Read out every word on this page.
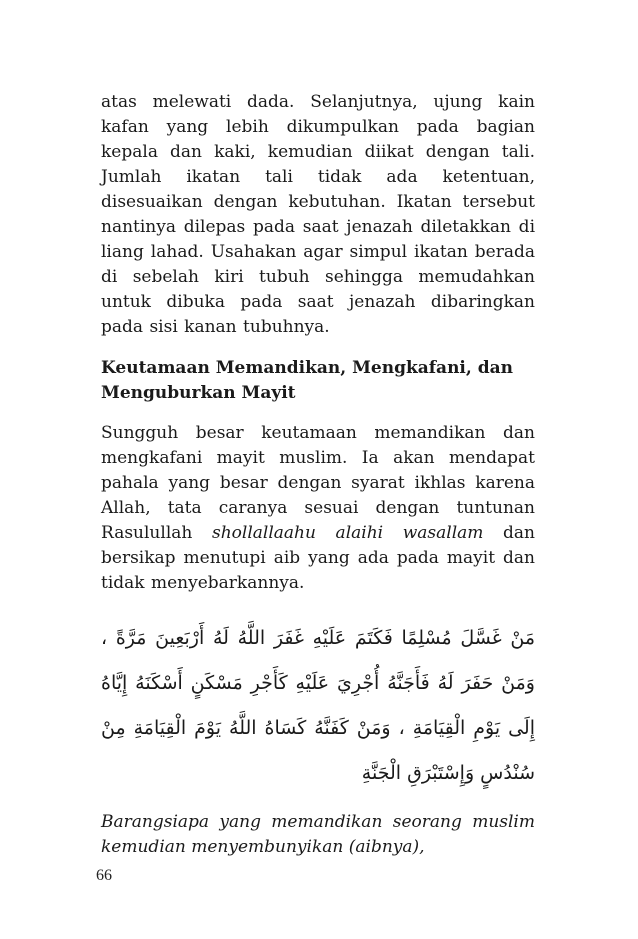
atas melewati dada. Selanjutnya, ujung kain kafan yang lebih dikumpulkan pada bagian kepala dan kaki, kemudian diikat dengan tali. Jumlah ikatan tali tidak ada ketentuan, disesuaikan dengan kebutuhan. Ikatan tersebut nantinya dilepas pada saat jenazah diletakkan di liang lahad. Usahakan agar simpul ikatan berada di sebelah kiri tubuh sehingga memudahkan untuk dibuka pada saat jenazah dibaringkan pada sisi kanan tubuhnya.

Keutamaan Memandikan, Mengkafani, dan Menguburkan Mayit

Sungguh besar keutamaan memandikan dan mengkafani mayit muslim. Ia akan mendapat pahala yang besar dengan syarat ikhlas karena Allah, tata caranya sesuai dengan tuntunan Rasulullah shollallaahu alaihi wasallam dan bersikap menutupi aib yang ada pada mayit dan tidak menyebarkannya.

مَنْ غَسَّلَ مُسْلِمًا فَكَتَمَ عَلَيْهِ غَفَرَ اللَّهُ لَهُ أَرْبَعِينَ مَرَّةً ، وَمَنْ حَفَرَ لَهُ فَأَجَنَّهُ أُجْرِيَ عَلَيْهِ كَأَجْرِ مَسْكَنٍ أَسْكَنَهُ إِيَّاهُ إِلَى يَوْمِ الْقِيَامَةِ ، وَمَنْ كَفَنَّهُ كَسَاهُ اللَّهُ يَوْمَ الْقِيَامَةِ مِنْ سُنْدُسٍ وَإِسْتَبْرَقِ الْجَنَّةِ

Barangsiapa yang memandikan seorang muslim kemudian menyembunyikan (aibnya),

66
